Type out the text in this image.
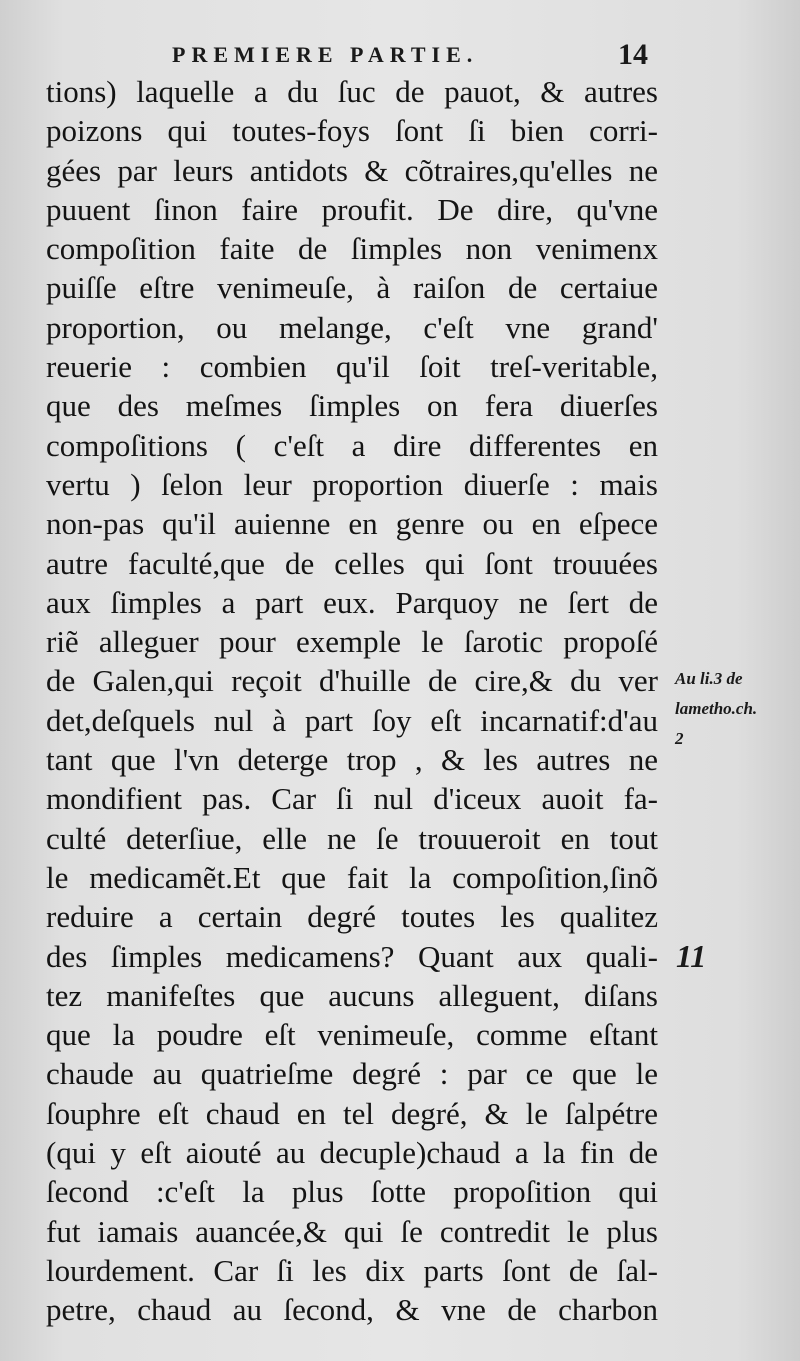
PREMIERE PARTIE.	14
tions) laquelle a du ſuc de pauot, & autres
poizons qui toutes-foys ſont ſi bien corri-
gées par leurs antidots & cõtraires,qu'elles ne
puuent ſinon faire proufit. De dire, qu'vne
compoſition faite de ſimples non venimenx
puiſſe eſtre venimeuſe, à raiſon de certaiue
proportion, ou melange, c'eſt vne grand'
reuerie : combien qu'il ſoit treſ-veritable,
que des meſmes ſimples on fera diuerſes
compoſitions ( c'eſt a dire differentes en
vertu ) ſelon leur proportion diuerſe : mais
non-pas qu'il auienne en genre ou en eſpece
autre faculté,que de celles qui ſont trouuées
aux ſimples a part eux. Parquoy ne ſert de
riẽ alleguer pour exemple le ſarotic propoſé
de Galen,qui reçoit d'huille de cire,& du ver
det,deſquels nul à part ſoy eſt incarnatif:d'au
tant que l'vn deterge trop , & les autres ne
mondifient pas. Car ſi nul d'iceux auoit fa-
culté deterſiue, elle ne ſe trouueroit en tout
le medicamẽt.Et que fait la compoſition,ſinõ
reduire a certain degré toutes les qualitez
des ſimples medicamens? Quant aux quali-
tez manifeſtes que aucuns alleguent, diſans
que la poudre eſt venimeuſe, comme eſtant
chaude au quatrieſme degré : par ce que le
ſouphre eſt chaud en tel degré, & le ſalpétre
(qui y eſt aiouté au decuple)chaud a la fin de
ſecond :c'eſt la plus ſotte propoſition qui
fut iamais auancée,& qui ſe contredit le plus
lourdement. Car ſi les dix parts ſont de ſal-
petre, chaud au ſecond, & vne de charbon
Au li.3 de
lametho.ch.
2
11
